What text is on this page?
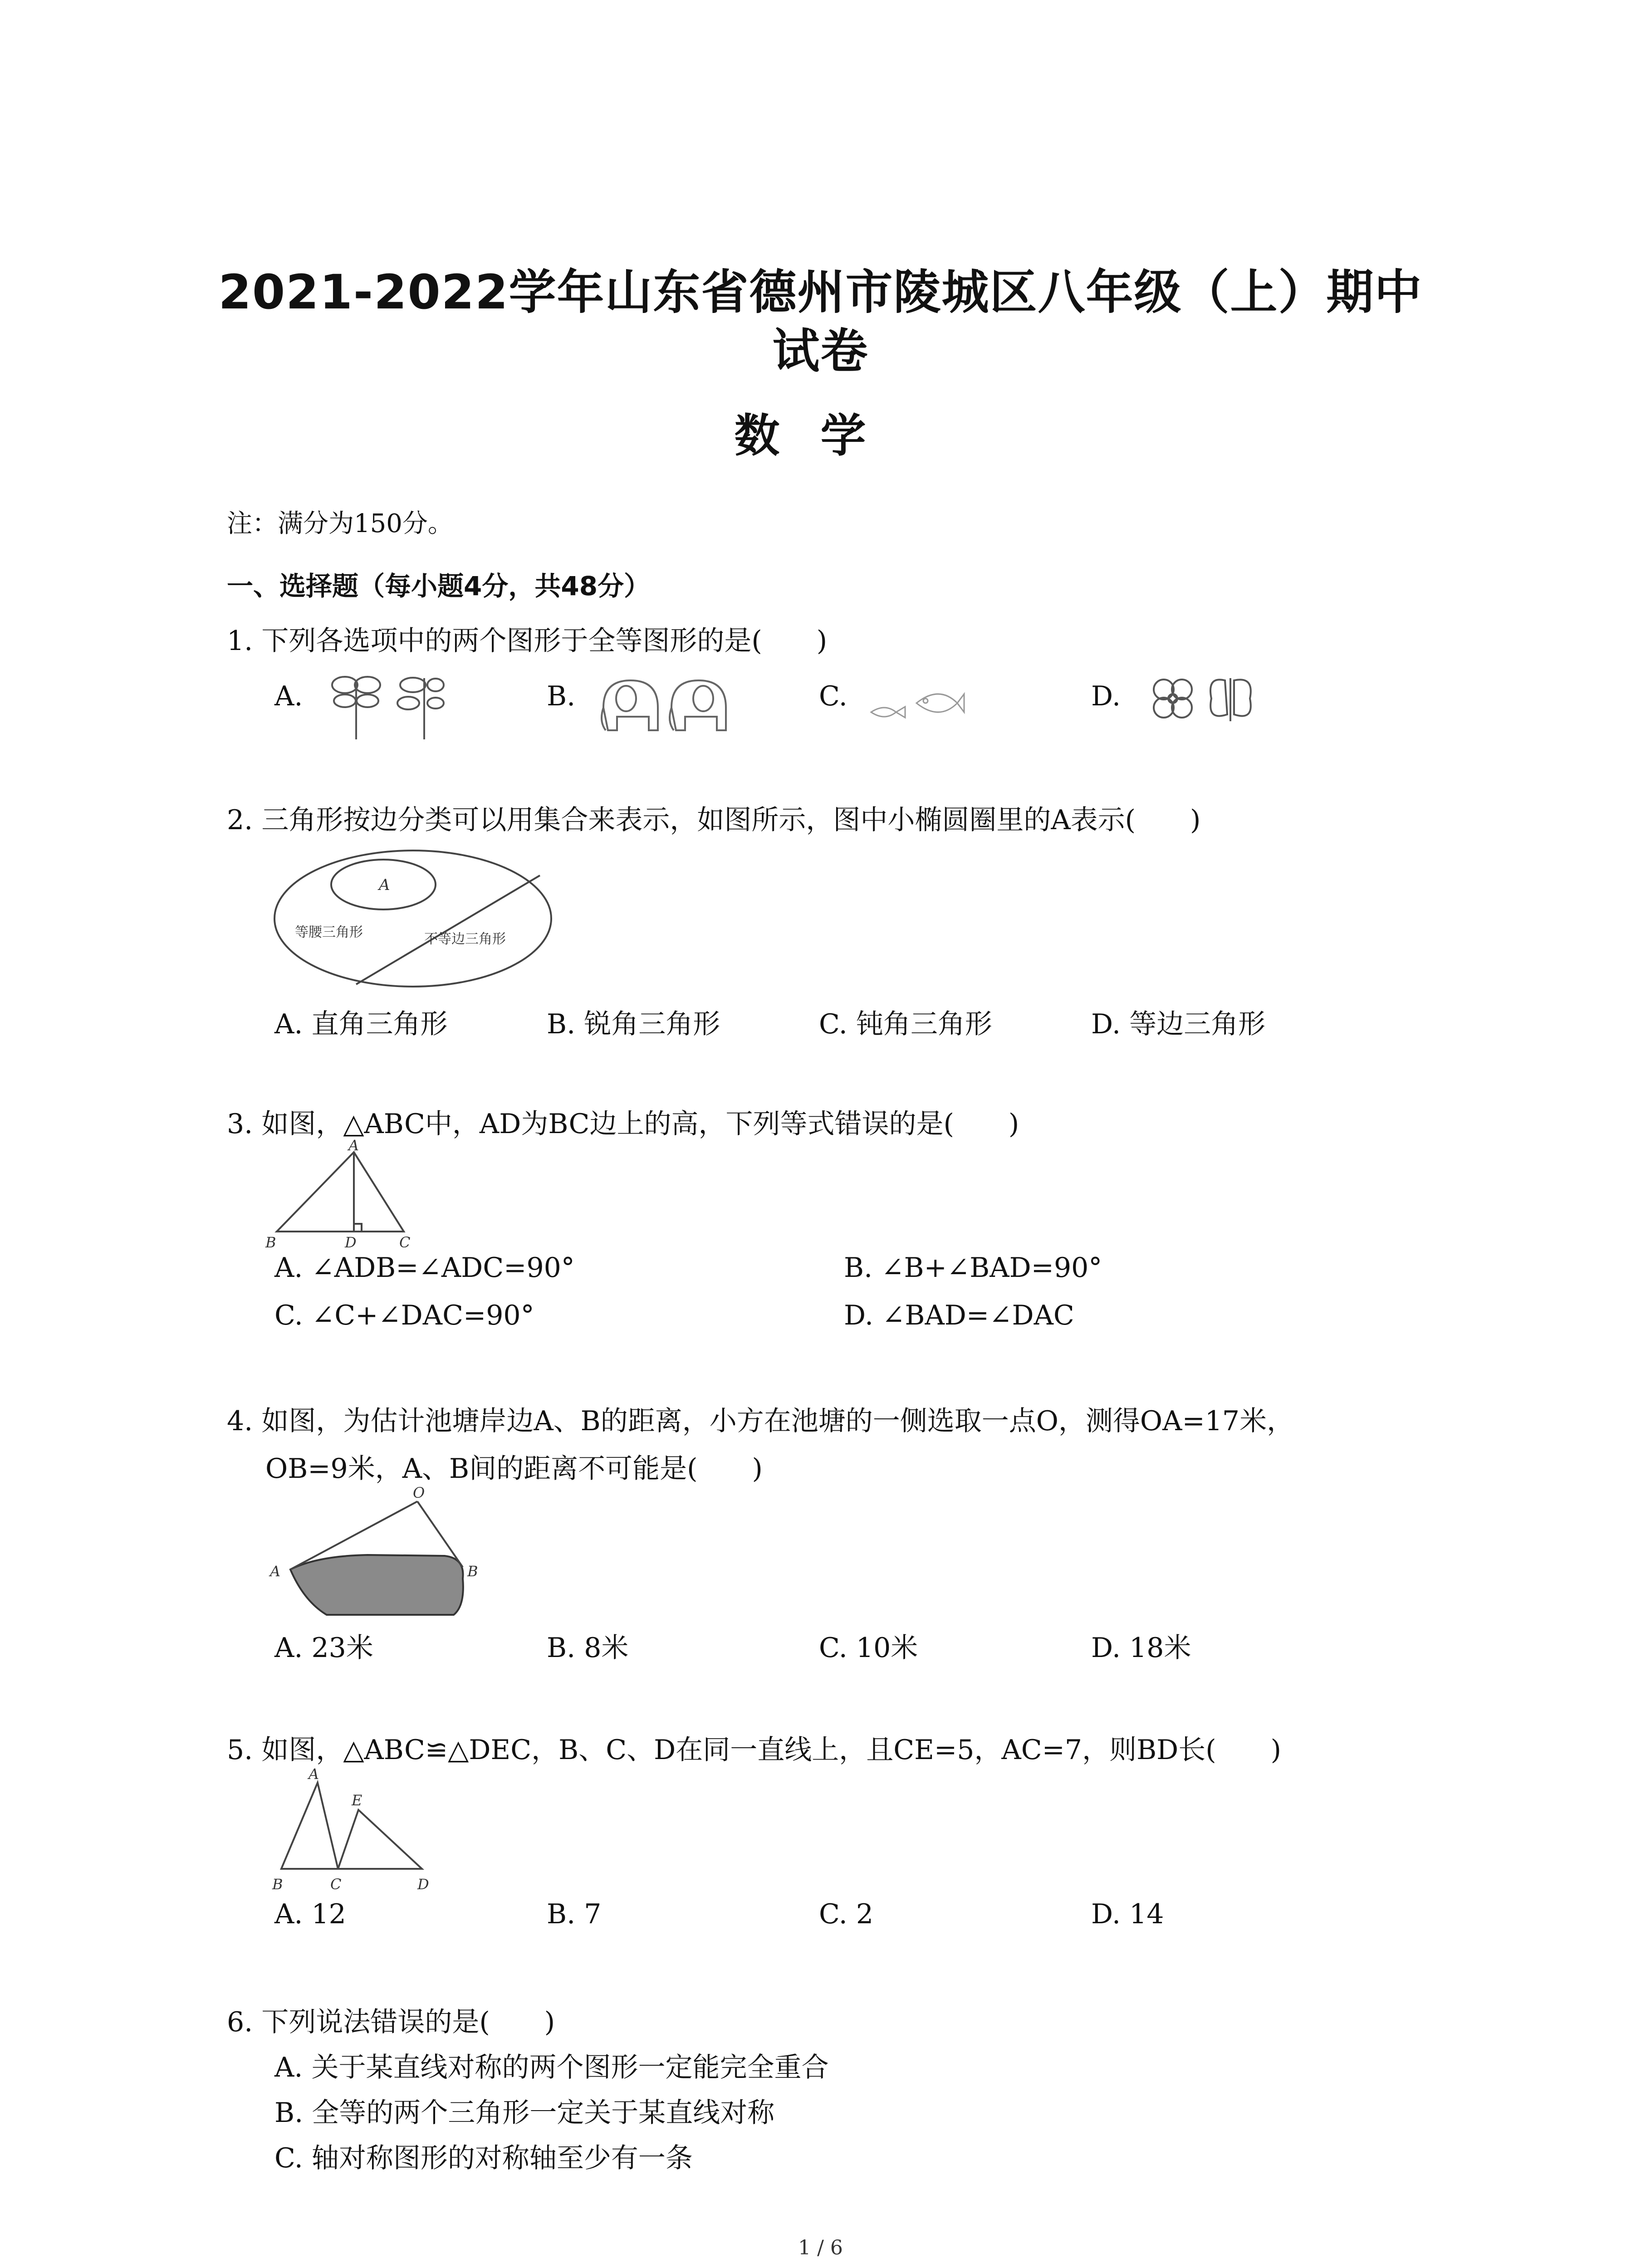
2021-2022学年山东省德州市陵城区八年级（上）期中
试卷
数学
注：满分为150分。
一、选择题（每小题4分，共48分）
1. 下列各选项中的两个图形于全等图形的是(　　)
A.	B.	C.	D.
2. 三角形按边分类可以用集合来表示，如图所示，图中小椭圆圈里的A表示(　　)
A
等腰三角形	不等边三角形
A. 直角三角形	B. 锐角三角形	C. 钝角三角形	D. 等边三角形
3. 如图，△ABC中，AD为BC边上的高，下列等式错误的是(　　)
A
B	D	C
A. ∠ADB=∠ADC=90°	B. ∠B+∠BAD=90°
C. ∠C+∠DAC=90°	D. ∠BAD=∠DAC
4. 如图，为估计池塘岸边A、B的距离，小方在池塘的一侧选取一点O，测得OA=17米，
OB=9米，A、B间的距离不可能是(　　)
O
A	B
A. 23米	B. 8米	C. 10米	D. 18米
5. 如图，△ABC≌△DEC，B、C、D在同一直线上，且CE=5，AC=7，则BD长(　　)
A
E
B	C	D
A. 12	B. 7	C. 2	D. 14
6. 下列说法错误的是(　　)
A. 关于某直线对称的两个图形一定能完全重合
B. 全等的两个三角形一定关于某直线对称
C. 轴对称图形的对称轴至少有一条
1 / 6
